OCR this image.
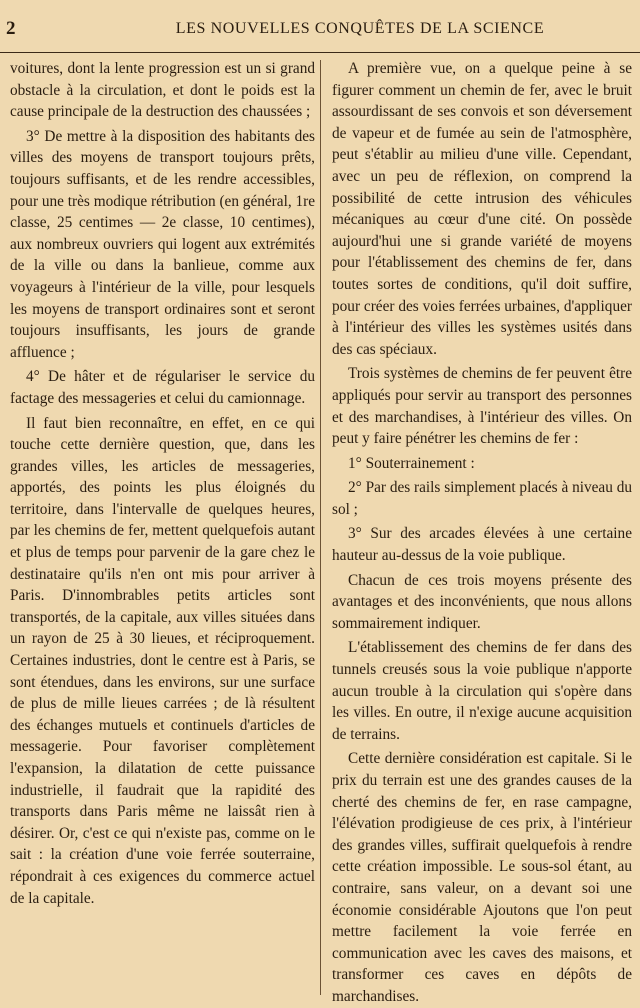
2	LES NOUVELLES CONQUÊTES DE LA SCIENCE

voitures, dont la lente progression est un si grand obstacle à la circulation, et dont le poids est la cause principale de la destruction des chaussées ;

3° De mettre à la disposition des habitants des villes des moyens de transport toujours prêts, toujours suffisants, et de les rendre accessibles, pour une très modique rétribution (en général, 1re classe, 25 centimes — 2e classe, 10 centimes), aux nombreux ouvriers qui logent aux extrémités de la ville ou dans la banlieue, comme aux voyageurs à l'intérieur de la ville, pour lesquels les moyens de transport ordinaires sont et seront toujours insuffisants, les jours de grande affluence ;

4° De hâter et de régulariser le service du factage des messageries et celui du camionnage.

Il faut bien reconnaître, en effet, en ce qui touche cette dernière question, que, dans les grandes villes, les articles de messageries, apportés, des points les plus éloignés du territoire, dans l'intervalle de quelques heures, par les chemins de fer, mettent quelquefois autant et plus de temps pour parvenir de la gare chez le destinataire qu'ils n'en ont mis pour arriver à Paris. D'innombrables petits articles sont transportés, de la capitale, aux villes situées dans un rayon de 25 à 30 lieues, et réciproquement. Certaines industries, dont le centre est à Paris, se sont étendues, dans les environs, sur une surface de plus de mille lieues carrées ; de là résultent des échanges mutuels et continuels d'articles de messagerie. Pour favoriser complètement l'expansion, la dilatation de cette puissance industrielle, il faudrait que la rapidité des transports dans Paris même ne laissât rien à désirer. Or, c'est ce qui n'existe pas, comme on le sait : la création d'une voie ferrée souterraine, répondrait à ces exigences du commerce actuel de la capitale.

A première vue, on a quelque peine à se figurer comment un chemin de fer, avec le bruit assourdissant de ses convois et son déversement de vapeur et de fumée au sein de l'atmosphère, peut s'établir au milieu d'une ville. Cependant, avec un peu de réflexion, on comprend la possibilité de cette intrusion des véhicules mécaniques au cœur d'une cité. On possède aujourd'hui une si grande variété de moyens pour l'établissement des chemins de fer, dans toutes sortes de conditions, qu'il doit suffire, pour créer des voies ferrées urbaines, d'appliquer à l'intérieur des villes les systèmes usités dans des cas spéciaux.

Trois systèmes de chemins de fer peuvent être appliqués pour servir au transport des personnes et des marchandises, à l'intérieur des villes. On peut y faire pénétrer les chemins de fer :

1° Souterrainement :

2° Par des rails simplement placés à niveau du sol ;

3° Sur des arcades élevées à une certaine hauteur au-dessus de la voie publique.

Chacun de ces trois moyens présente des avantages et des inconvénients, que nous allons sommairement indiquer.

L'établissement des chemins de fer dans des tunnels creusés sous la voie publique n'apporte aucun trouble à la circulation qui s'opère dans les villes. En outre, il n'exige aucune acquisition de terrains.

Cette dernière considération est capitale. Si le prix du terrain est une des grandes causes de la cherté des chemins de fer, en rase campagne, l'élévation prodigieuse de ces prix, à l'intérieur des grandes villes, suffirait quelquefois à rendre cette création impossible. Le sous-sol étant, au contraire, sans valeur, on a devant soi une économie considérable Ajoutons que l'on peut mettre facilement la voie ferrée en communication avec les caves des maisons, et transformer ces caves en dépôts de marchandises.
